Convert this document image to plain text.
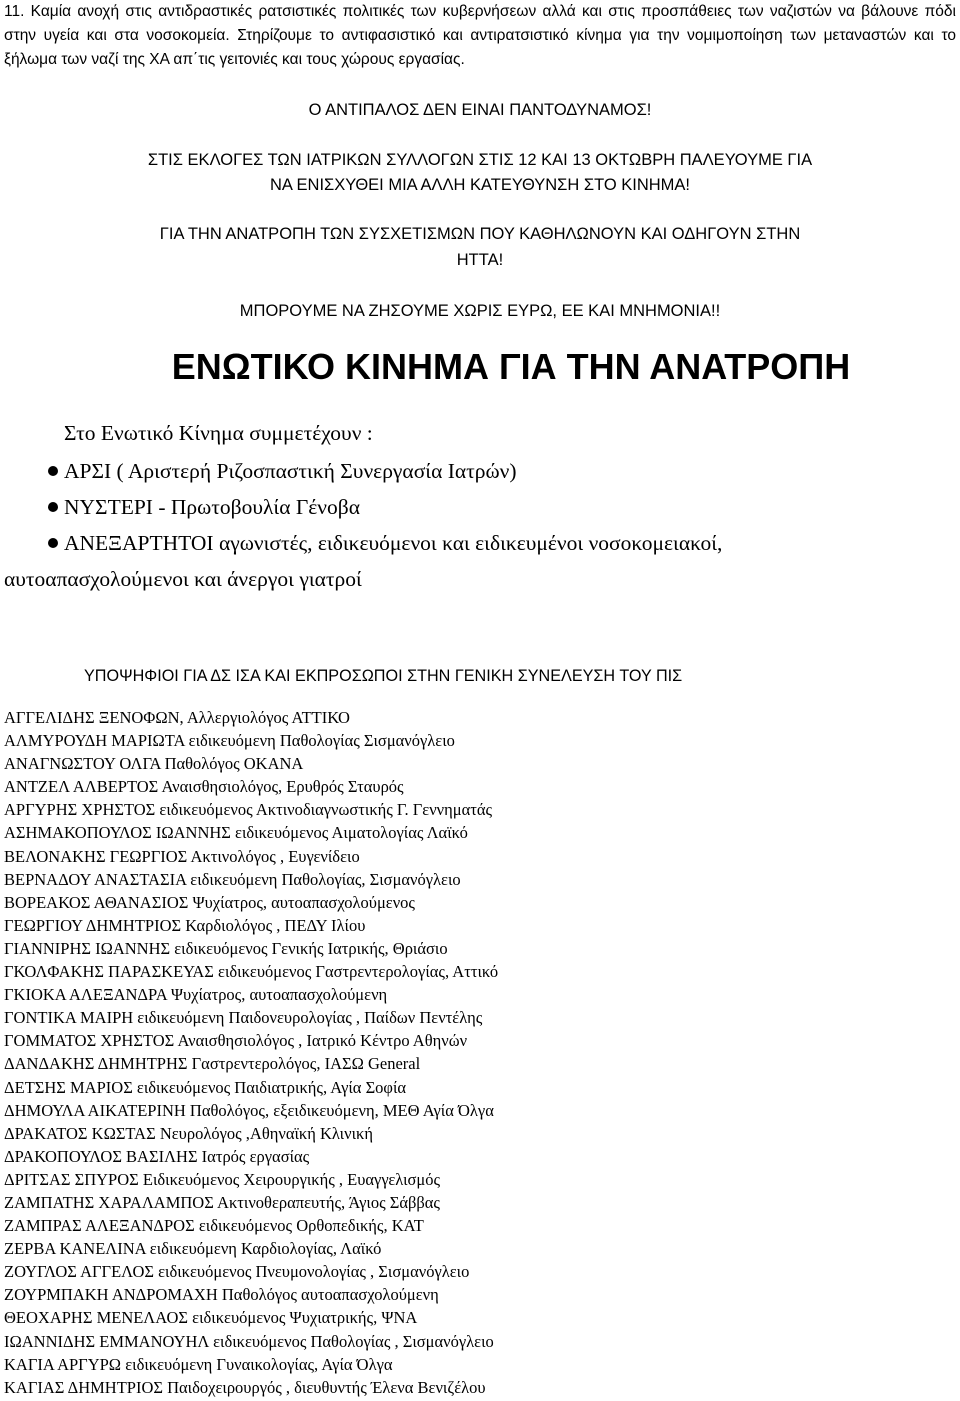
11. Καμία ανοχή στις αντιδραστικές ρατσιστικές πολιτικές των κυβερνήσεων αλλά και στις προσπάθειες των ναζιστών να βάλουνε πόδι στην υγεία και στα νοσοκομεία. Στηρίζουμε το αντιφασιστικό και αντιρατσιστικό κίνημα για την νομιμοποίηση των μεταναστών και το ξήλωμα των ναζί της ΧΑ απ΄τις γειτονιές και τους χώρους εργασίας.

Ο ΑΝΤΙΠΑΛΟΣ ΔΕΝ ΕΙΝΑΙ ΠΑΝΤΟΔΥΝΑΜΟΣ!

ΣΤΙΣ ΕΚΛΟΓΕΣ ΤΩΝ ΙΑΤΡΙΚΩΝ ΣΥΛΛΟΓΩΝ ΣΤΙΣ 12 ΚΑΙ 13 ΟΚΤΩΒΡΗ ΠΑΛΕΥΟΥΜΕ ΓΙΑ

ΝΑ ΕΝΙΣΧΥΘΕΙ ΜΙΑ ΑΛΛΗ ΚΑΤΕΥΘΥΝΣΗ ΣΤΟ ΚΙΝΗΜΑ!

ΓΙΑ ΤΗΝ ΑΝΑΤΡΟΠΗ ΤΩΝ ΣΥΣΧΕΤΙΣΜΩΝ ΠΟΥ ΚΑΘΗΛΩΝΟΥΝ ΚΑΙ ΟΔΗΓΟΥΝ ΣΤΗΝ

ΗΤΤΑ!

ΜΠΟΡΟΥΜΕ ΝΑ ΖΗΣΟΥΜΕ ΧΩΡΙΣ ΕΥΡΩ, ΕΕ ΚΑΙ ΜΝΗΜΟΝΙΑ!!

ΕΝΩΤΙΚΟ ΚΙΝΗΜΑ ΓΙΑ ΤΗΝ ΑΝΑΤΡΟΠΗ

Στο Ενωτικό Κίνημα συμμετέχουν :

ΑΡΣΙ ( Αριστερή Ριζοσπαστική Συνεργασία Ιατρών)

ΝΥΣΤΕΡΙ - Πρωτοβουλία Γένοβα

ΑΝΕΞΑΡΤΗΤΟΙ αγωνιστές, ειδικευόμενοι και ειδικευμένοι νοσοκομειακοί,

αυτοαπασχολούμενοι και άνεργοι γιατροί

ΥΠΟΨΗΦΙΟΙ ΓΙΑ ΔΣ ΙΣΑ ΚΑΙ ΕΚΠΡΟΣΩΠΟΙ ΣΤΗΝ ΓΕΝΙΚΗ ΣΥΝΕΛΕΥΣΗ ΤΟΥ ΠΙΣ

ΑΓΓΕΛΙΔΗΣ ΞΕΝΟΦΩΝ, Αλλεργιολόγος ΑΤΤΙΚΟ
ΑΛΜΥΡΟΥΔΗ ΜΑΡΙΩΤΑ ειδικευόμενη Παθολογίας Σισμανόγλειο
ΑΝΑΓΝΩΣΤΟΥ ΟΛΓΑ Παθολόγος ΟΚΑΝΑ
ΑΝΤΖΕΛ ΑΛΒΕΡΤΟΣ Αναισθησιολόγος, Ερυθρός Σταυρός
ΑΡΓΥΡΗΣ ΧΡΗΣΤΟΣ ειδικευόμενος Ακτινοδιαγνωστικής Γ. Γεννηματάς
ΑΣΗΜΑΚΟΠΟΥΛΟΣ ΙΩΑΝΝΗΣ ειδικευόμενος Αιματολογίας Λαϊκό
ΒΕΛΟΝΑΚΗΣ ΓΕΩΡΓΙΟΣ Ακτινολόγος , Ευγενίδειο
ΒΕΡΝΑΔΟΥ ΑΝΑΣΤΑΣΙΑ ειδικευόμενη Παθολογίας, Σισμανόγλειο
ΒΟΡΕΑΚΟΣ ΑΘΑΝΑΣΙΟΣ Ψυχίατρος, αυτοαπασχολούμενος
ΓΕΩΡΓΙΟΥ ΔΗΜΗΤΡΙΟΣ Καρδιολόγος , ΠΕΔΥ Ιλίου
ΓΙΑΝΝΙΡΗΣ ΙΩΑΝΝΗΣ ειδικευόμενος Γενικής Ιατρικής, Θριάσιο
ΓΚΟΛΦΑΚΗΣ ΠΑΡΑΣΚΕΥΑΣ ειδικευόμενος Γαστρεντερολογίας, Αττικό
ΓΚΙΟΚΑ ΑΛΕΞΑΝΔΡΑ Ψυχίατρος, αυτοαπασχολούμενη
ΓΟΝΤΙΚΑ ΜΑΙΡΗ ειδικευόμενη Παιδονευρολογίας , Παίδων Πεντέλης
ΓΟΜΜΑΤΟΣ ΧΡΗΣΤΟΣ Αναισθησιολόγος , Ιατρικό Κέντρο Αθηνών
ΔΑΝΔΑΚΗΣ ΔΗΜΗΤΡΗΣ Γαστρεντερολόγος, ΙΑΣΩ General
ΔΕΤΣΗΣ ΜΑΡΙΟΣ ειδικευόμενος Παιδιατρικής, Αγία Σοφία
ΔΗΜΟΥΛΑ ΑΙΚΑΤΕΡΙΝΗ Παθολόγος, εξειδικευόμενη, ΜΕΘ Αγία Όλγα
ΔΡΑΚΑΤΟΣ ΚΩΣΤΑΣ Νευρολόγος ,Αθηναϊκή Κλινική
ΔΡΑΚΟΠΟΥΛΟΣ ΒΑΣΙΛΗΣ Ιατρός εργασίας
ΔΡΙΤΣΑΣ ΣΠΥΡΟΣ Ειδικευόμενος Χειρουργικής , Ευαγγελισμός
ΖΑΜΠΑΤΗΣ ΧΑΡΑΛΑΜΠΟΣ Ακτινοθεραπευτής, Άγιος Σάββας
ΖΑΜΠΡΑΣ ΑΛΕΞΑΝΔΡΟΣ ειδικευόμενος Ορθοπεδικής, ΚΑΤ
ΖΕΡΒΑ ΚΑΝΕΛΙΝΑ ειδικευόμενη Καρδιολογίας, Λαϊκό
ΖΟΥΓΛΟΣ ΑΓΓΕΛΟΣ ειδικευόμενος Πνευμονολογίας , Σισμανόγλειο
ΖΟΥΡΜΠΑΚΗ ΑΝΔΡΟΜΑΧΗ Παθολόγος αυτοαπασχολούμενη
ΘΕΟΧΑΡΗΣ ΜΕΝΕΛΑΟΣ ειδικευόμενος Ψυχιατρικής, ΨΝΑ
ΙΩΑΝΝΙΔΗΣ ΕΜΜΑΝΟΥΗΛ ειδικευόμενος Παθολογίας , Σισμανόγλειο
ΚΑΓΙΑ ΑΡΓΥΡΩ ειδικευόμενη Γυναικολογίας, Αγία Όλγα
ΚΑΓΙΑΣ ΔΗΜΗΤΡΙΟΣ Παιδοχειρουργός , διευθυντής Έλενα Βενιζέλου
